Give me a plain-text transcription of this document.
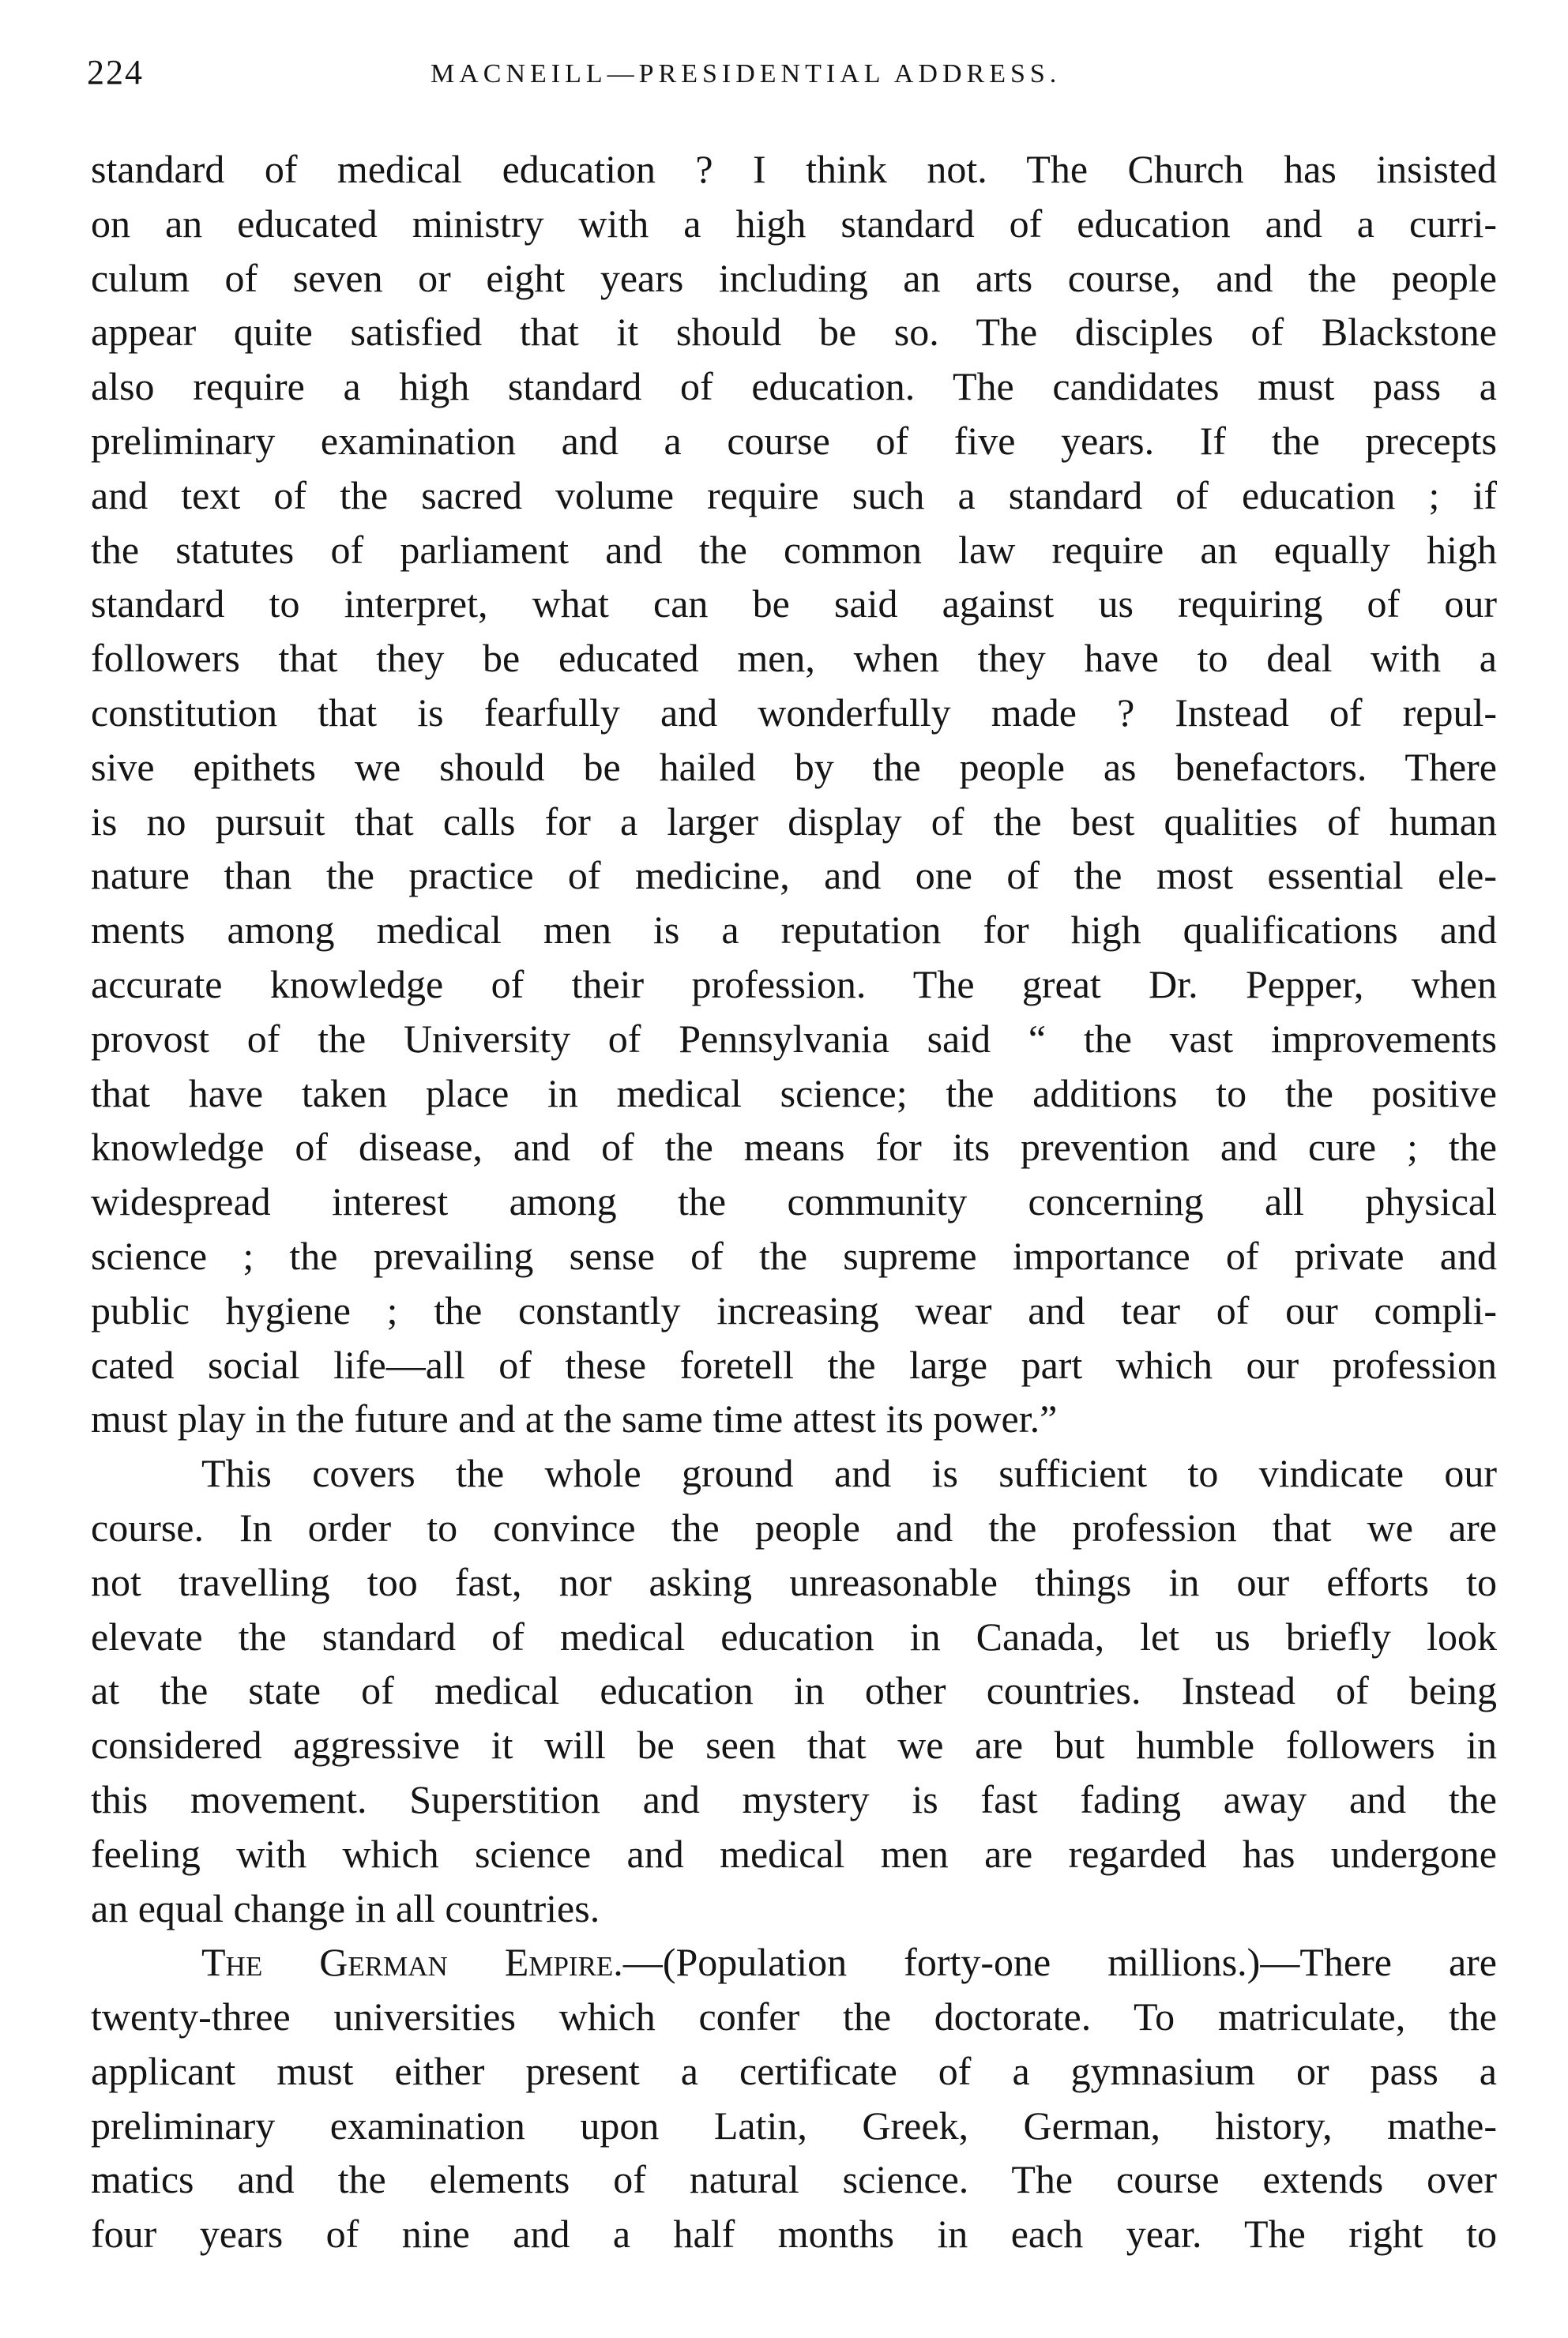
224	MACNEILL—PRESIDENTIAL ADDRESS.
standard of medical education ? I think not. The Church has insisted
on an educated ministry with a high standard of education and a curri-
culum of seven or eight years including an arts course, and the people
appear quite satisfied that it should be so. The disciples of Blackstone
also require a high standard of education. The candidates must pass a
preliminary examination and a course of five years. If the precepts
and text of the sacred volume require such a standard of education ; if
the statutes of parliament and the common law require an equally high
standard to interpret, what can be said against us requiring of our
followers that they be educated men, when they have to deal with a
constitution that is fearfully and wonderfully made ? Instead of repul-
sive epithets we should be hailed by the people as benefactors. There
is no pursuit that calls for a larger display of the best qualities of human
nature than the practice of medicine, and one of the most essential ele-
ments among medical men is a reputation for high qualifications and
accurate knowledge of their profession. The great Dr. Pepper, when
provost of the University of Pennsylvania said “ the vast improvements
that have taken place in medical science; the additions to the positive
knowledge of disease, and of the means for its prevention and cure ; the
widespread interest among the community concerning all physical
science ; the prevailing sense of the supreme importance of private and
public hygiene ; the constantly increasing wear and tear of our compli-
cated social life—all of these foretell the large part which our profession
must play in the future and at the same time attest its power.”
This covers the whole ground and is sufficient to vindicate our
course. In order to convince the people and the profession that we are
not travelling too fast, nor asking unreasonable things in our efforts to
elevate the standard of medical education in Canada, let us briefly look
at the state of medical education in other countries. Instead of being
considered aggressive it will be seen that we are but humble followers in
this movement. Superstition and mystery is fast fading away and the
feeling with which science and medical men are regarded has undergone
an equal change in all countries.
The German Empire.—(Population forty-one millions.)—There are
twenty-three universities which confer the doctorate. To matriculate, the
applicant must either present a certificate of a gymnasium or pass a
preliminary examination upon Latin, Greek, German, history, mathe-
matics and the elements of natural science. The course extends over
four years of nine and a half months in each year. The right to
